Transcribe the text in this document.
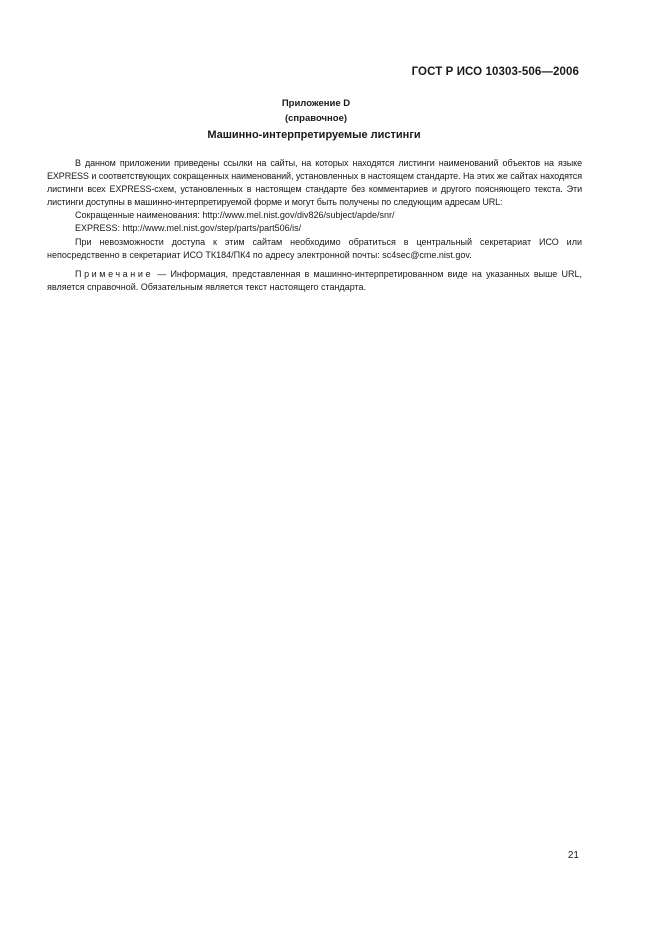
ГОСТ Р ИСО 10303-506—2006
Приложение D
(справочное)
Машинно-интерпретируемые листинги

В данном приложении приведены ссылки на сайты, на которых находятся листинги наименований объектов на языке EXPRESS и соответствующих сокращенных наименований, установленных в настоящем стандарте. На этих же сайтах находятся листинги всех EXPRESS-схем, установленных в настоящем стандарте без комментариев и другого поясняющего текста. Эти листинги доступны в машинно-интерпретируемой форме и могут быть получены по следующим адресам URL:

Сокращенные наименования: http://www.mel.nist.gov/div826/subject/apde/snr/

EXPRESS: http://www.mel.nist.gov/step/parts/part506/is/

При невозможности доступа к этим сайтам необходимо обратиться в центральный секретариат ИСО или непосредственно в секретариат ИСО ТК184/ПК4 по адресу электронной почты: sc4sec@cme.nist.gov.

Примечание — Информация, представленная в машинно-интерпретированном виде на указанных выше URL, является справочной. Обязательным является текст настоящего стандарта.

21
